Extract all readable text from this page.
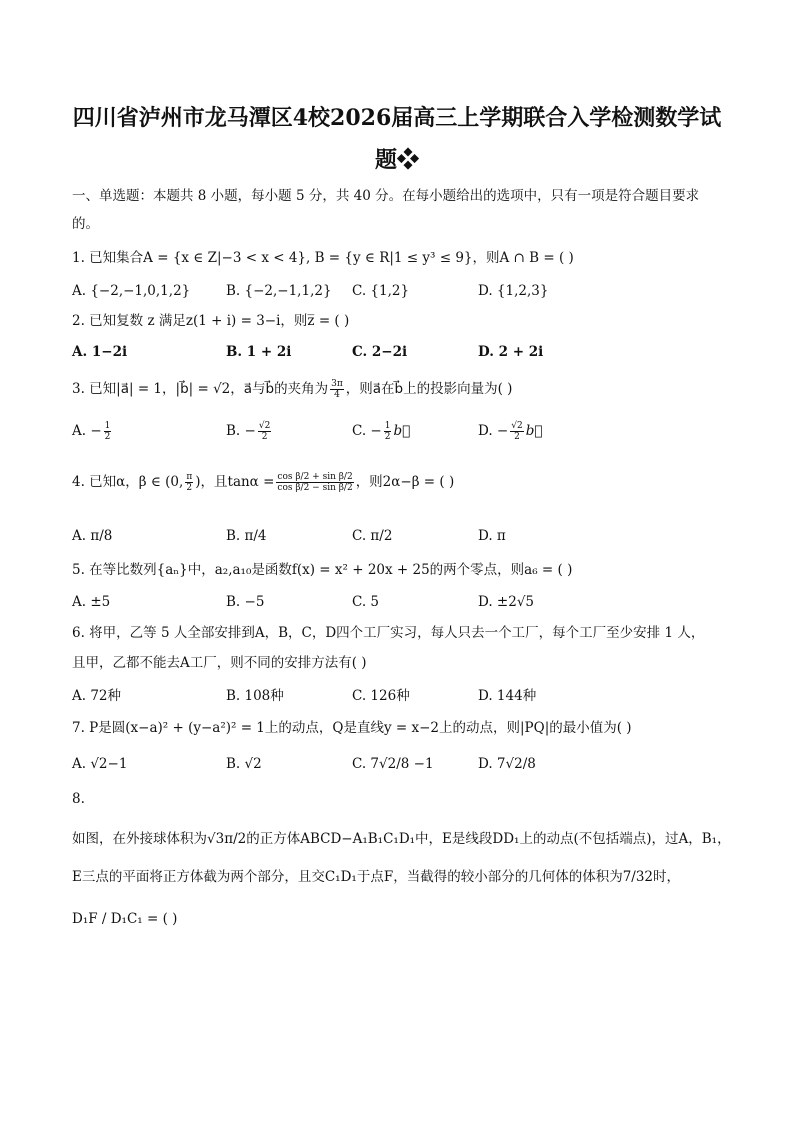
四川省泸州市龙马潭区4校2026届高三上学期联合入学检测数学试
题❖
一、单选题：本题共 8 小题，每小题 5 分，共 40 分。在每小题给出的选项中，只有一项是符合题目要求
的。
1. 已知集合A = {x ∈ Z|−3 < x < 4}, B = {y ∈ R|1 ≤ y³ ≤ 9}，则A ∩ B = ( )
A. {−2,−1,0,1,2}	B. {−2,−1,1,2} C. {1,2}	D. {1,2,3}
2. 已知复数 z 满足z(1 + i) = 3−i，则z̅ = ( )
A. 1−2i	B. 1 + 2i	C. 2−2i	D. 2 + 2i
3. 已知|a⃗| = 1，|b⃗| = √2，a⃗与b⃗的夹角为 $\frac{3\pi}{4}$ ，则a⃗在b⃗上的投影向量为( )
A. − $\frac{1}{2}$	B. − $\frac{√2}{2}$	C. − $\frac{1}{2}$ b⃗	D. − $\frac{√2}{2}$ b⃗
4. 已知α，β ∈ (0, $\frac{\pi}{2}$ )，且$\tan\alpha = \frac{\text{cos β/2 + sin β/2}}{\text{cos β/2 − sin β/2}}$ ，则2α−β = ( )
A. π/8	B. π/4	C. π/2	D. π
5. 在等比数列{aₙ}中，a₂,a₁₀是函数f(x) = x² + 20x + 25的两个零点，则a₆ = ( )
A. ±5	B. −5	C. 5	D. ±2√5
6. 将甲，乙等 5 人全部安排到A，B，C，D四个工厂实习，每人只去一个工厂，每个工厂至少安排 1 人，
且甲，乙都不能去A工厂，则不同的安排方法有( )
A. 72种	B. 108种	C. 126种	D. 144种
7. P是圆(x−a)² + (y−a²)² = 1上的动点，Q是直线y = x−2上的动点，则|PQ|的最小值为( )
A. √2−1	B. √2	C. 7√2/8 −1	D. 7√2/8
8.
如图，在外接球体积为√3π/2的正方体ABCD−A₁B₁C₁D₁中，E是线段DD₁上的动点(不包括端点)，过A，B₁，
E三点的平面将正方体截为两个部分，且交C₁D₁于点F，当截得的较小部分的几何体的体积为7/32时，
D₁F / D₁C₁ = ( )
